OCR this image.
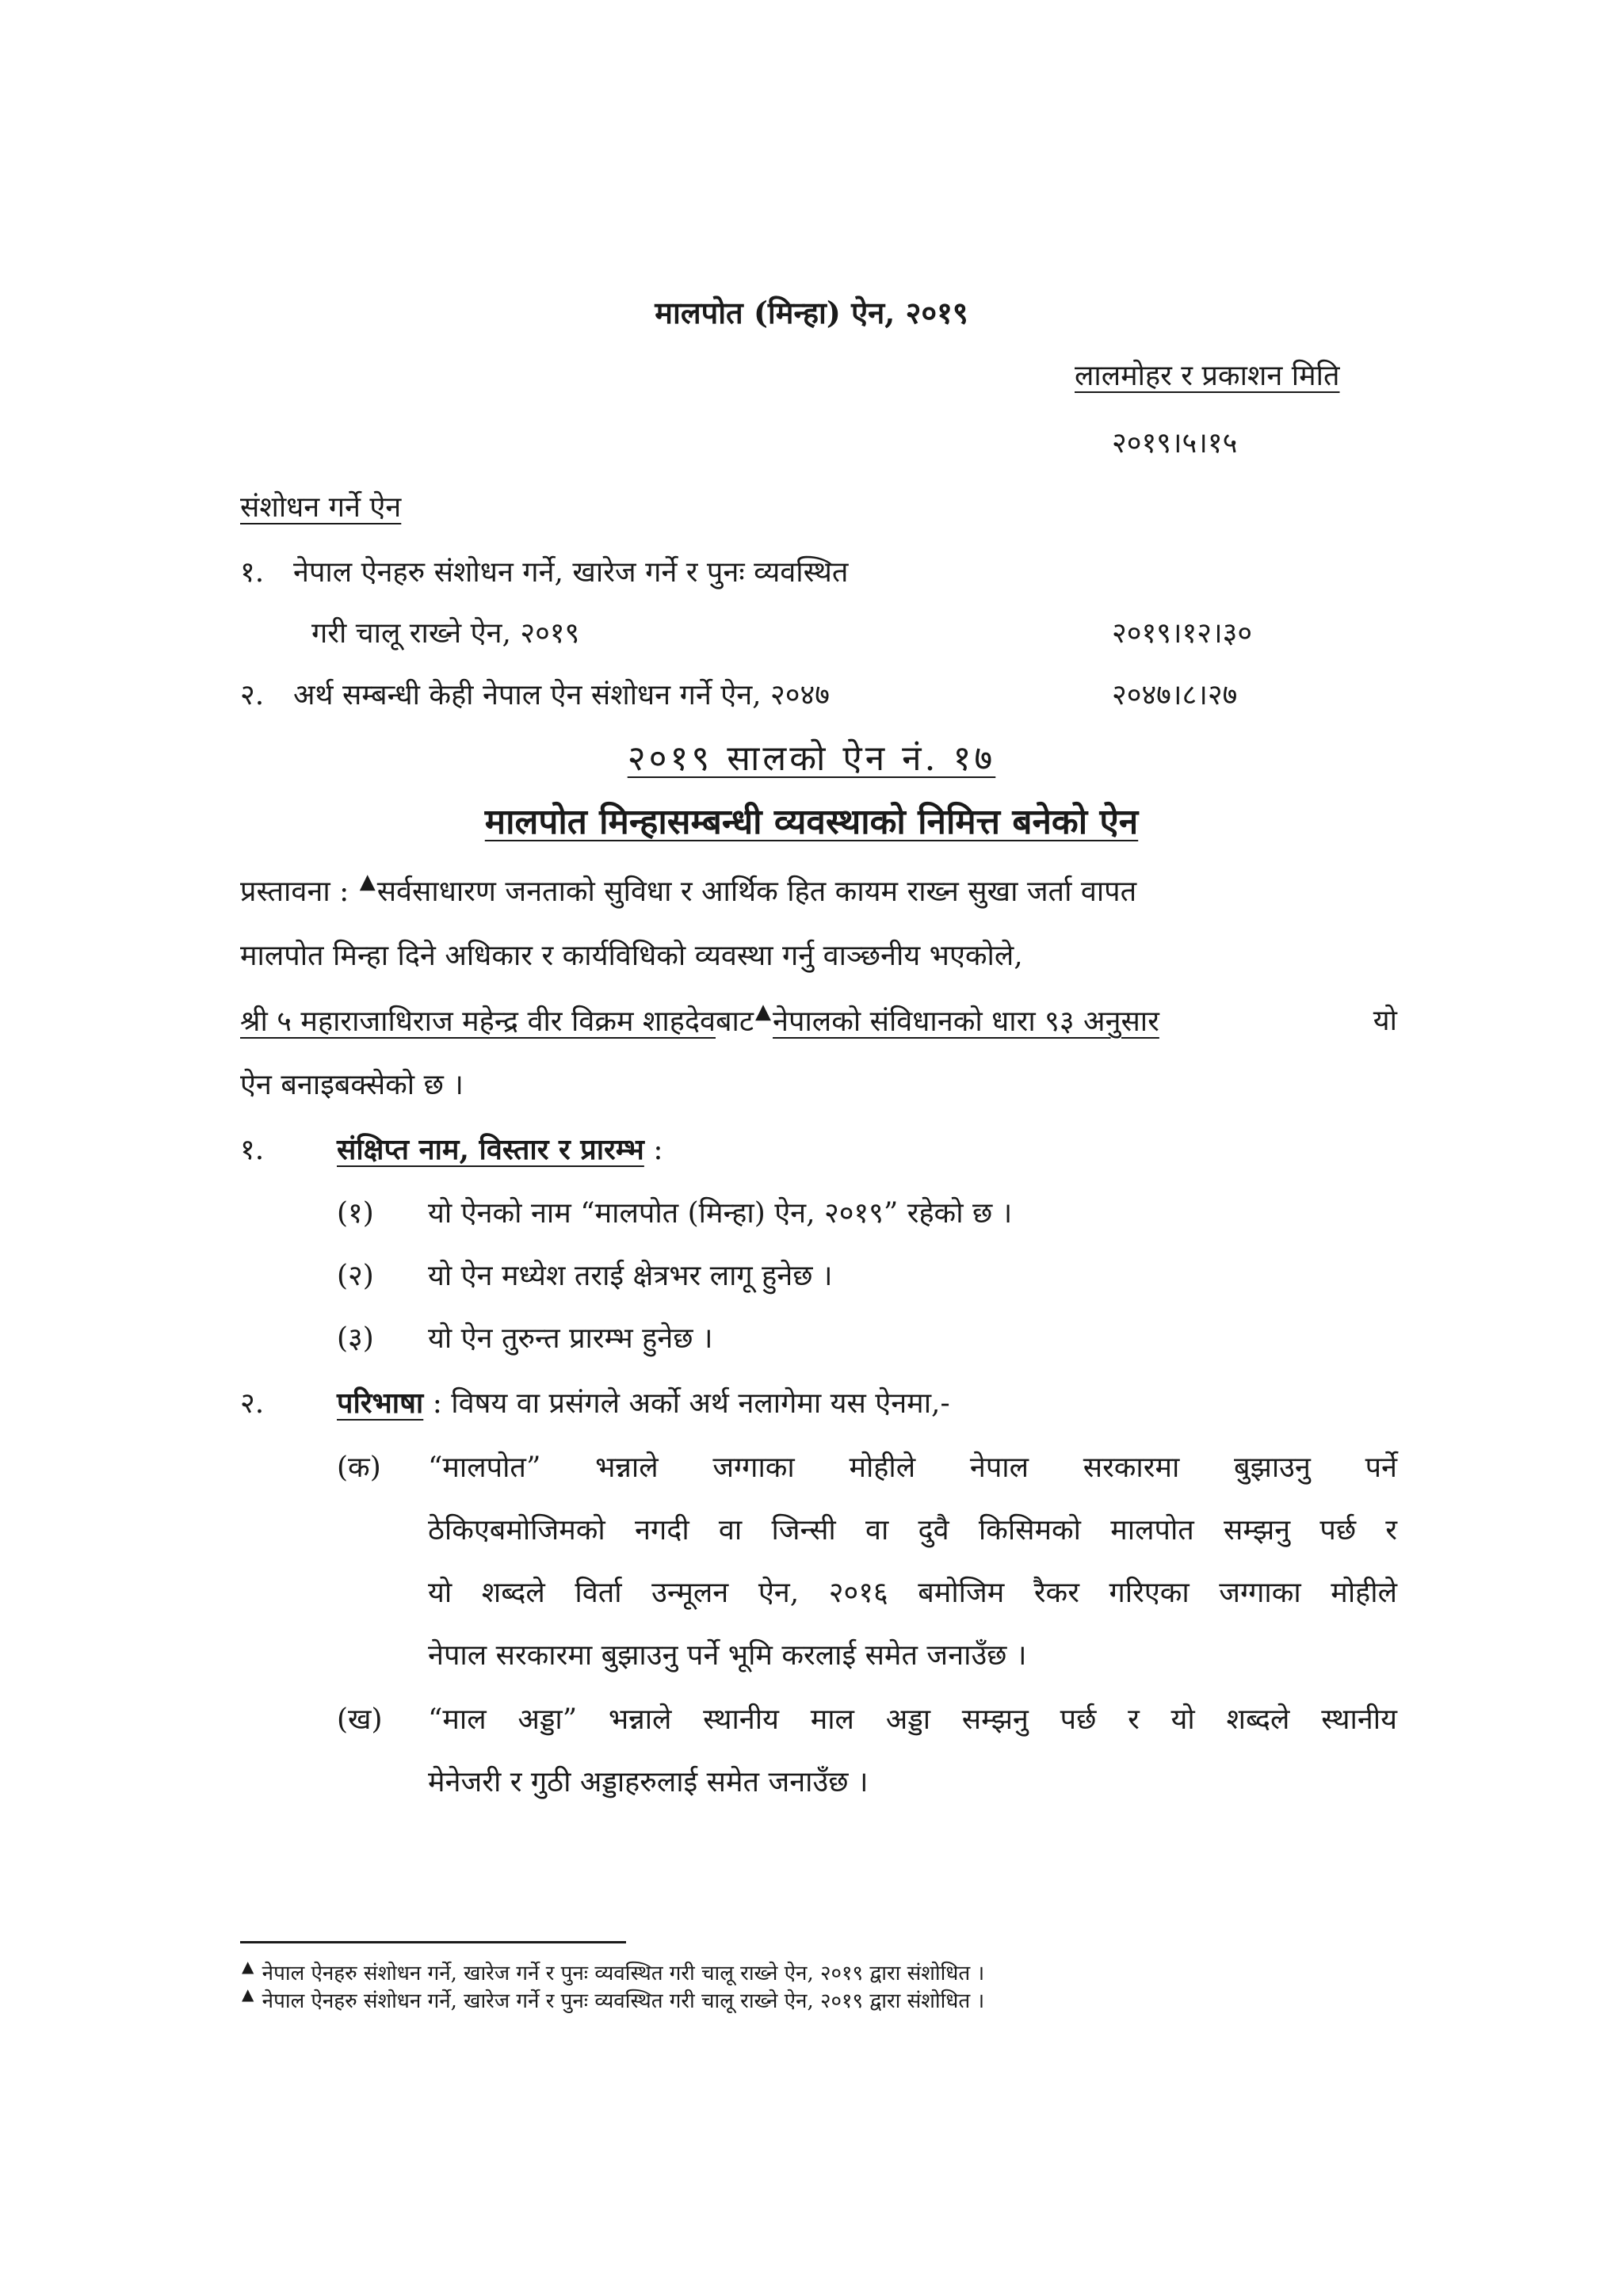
मालपोत (मिन्हा) ऐन, २०१९
लालमोहर र प्रकाशन मिति
२०१९।५।१५
संशोधन गर्ने ऐन
१. नेपाल ऐनहरु संशोधन गर्ने, खारेज गर्ने र पुनः व्यवस्थित
गरी चालू राख्ने ऐन, २०१९	२०१९।१२।३०
२. अर्थ सम्बन्धी केही नेपाल ऐन संशोधन गर्ने ऐन, २०४७	२०४७।८।२७
२०१९ सालको ऐन नं. १७
मालपोत मिन्हासम्बन्धी व्यवस्थाको निमित्त बनेको ऐन
प्रस्तावना : ▲सर्वसाधारण जनताको सुविधा र आर्थिक हित कायम राख्न सुखा जर्ता वापत
मालपोत मिन्हा दिने अधिकार र कार्यविधिको व्यवस्था गर्नु वाञ्छनीय भएकोले,
श्री ५ महाराजाधिराज महेन्द्र वीर विक्रम शाहदेवबाट▲नेपालको संविधानको धारा ९३ अनुसार	यो
ऐन बनाइबक्सेको छ ।
१.	संक्षिप्त नाम, विस्तार र प्रारम्भ :
(१) यो ऐनको नाम “मालपोत (मिन्हा) ऐन, २०१९” रहेको छ ।
(२) यो ऐन मध्येश तराई क्षेत्रभर लागू हुनेछ ।
(३) यो ऐन तुरुन्त प्रारम्भ हुनेछ ।
२.	परिभाषा : विषय वा प्रसंगले अर्को अर्थ नलागेमा यस ऐनमा,-
(क) “मालपोत” भन्नाले जग्गाका मोहीले नेपाल सरकारमा बुझाउनु पर्ने
ठेकिएबमोजिमको नगदी वा जिन्सी वा दुवै किसिमको मालपोत सम्झनु पर्छ र
यो शब्दले विर्ता उन्मूलन ऐन, २०१६ बमोजिम रैकर गरिएका जग्गाका मोहीले
नेपाल सरकारमा बुझाउनु पर्ने भूमि करलाई समेत जनाउँछ ।
(ख) “माल अड्डा” भन्नाले स्थानीय माल अड्डा सम्झनु पर्छ र यो शब्दले स्थानीय
मेनेजरी र गुठी अड्डाहरुलाई समेत जनाउँछ ।
▲ नेपाल ऐनहरु संशोधन गर्ने, खारेज गर्ने र पुनः व्यवस्थित गरी चालू राख्ने ऐन, २०१९ द्वारा संशोधित ।
▲ नेपाल ऐनहरु संशोधन गर्ने, खारेज गर्ने र पुनः व्यवस्थित गरी चालू राख्ने ऐन, २०१९ द्वारा संशोधित ।
